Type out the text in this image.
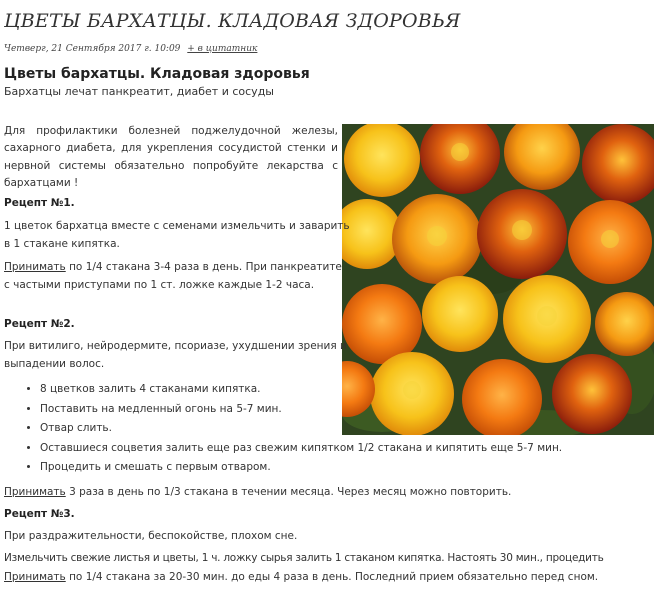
ЦВЕТЫ БАРХАТЦЫ. КЛАДОВАЯ ЗДОРОВЬЯ
Четверг, 21 Сентября 2017 г. 10:09 + в цитатник
Цветы бархатцы. Кладовая здоровья
Бархатцы лечат панкреатит, диабет и сосуды

Для профилактики болезней поджелудочной железы, сахарного диабета, для укрепления сосудистой стенки и нервной системы обязательно попробуйте лекарства с бархатцами !

Рецепт №1.
1 цветок бархатца вместе с семенами измельчить и заварить
в 1 стакане кипятка.
Принимать по 1/4 стакана 3-4 раза в день. При панкреатите
с частыми приступами по 1 ст. ложке каждые 1-2 часа.
Рецепт №2.
При витилиго, нейродермите, псориазе, ухудшении зрения и
выпадении волос.
• 8 цветков залить 4 стаканами кипятка.
• Поставить на медленный огонь на 5-7 мин.
• Отвар слить.
• Оставшиеся соцветия залить еще раз свежим кипятком 1/2 стакана и кипятить еще 5-7 мин.
• Процедить и смешать с первым отваром.
Принимать 3 раза в день по 1/3 стакана в течении месяца. Через месяц можно повторить.
Рецепт №3.
При раздражительности, беспокойстве, плохом сне.
Измельчить свежие листья и цветы, 1 ч. ложку сырья залить 1 стаканом кипятка. Настоять 30 мин., процедить
Принимать по 1/4 стакана за 20-30 мин. до еды 4 раза в день. Последний прием обязательно перед сном.
